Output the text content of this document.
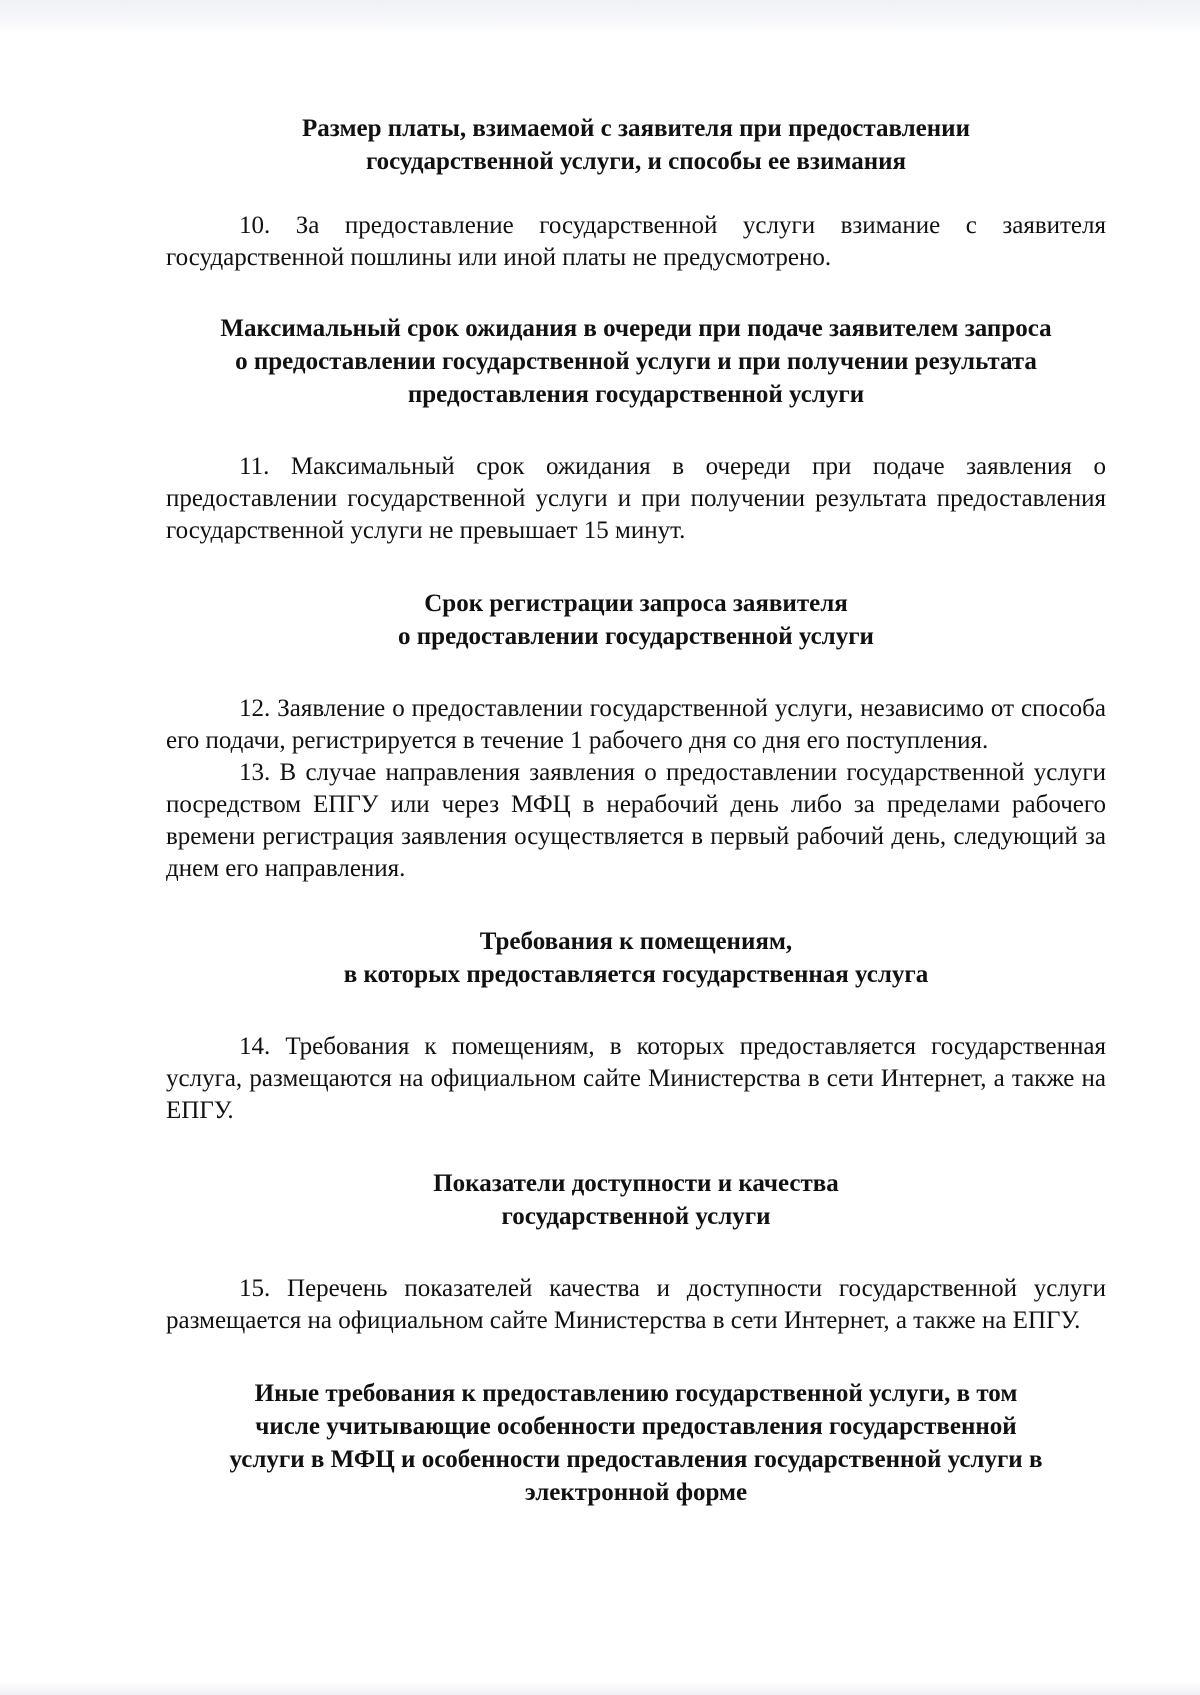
Размер платы, взимаемой с заявителя при предоставлении
государственной услуги, и способы ее взимания

10. За предоставление государственной услуги взимание с заявителя государственной пошлины или иной платы не предусмотрено.

Максимальный срок ожидания в очереди при подаче заявителем запроса
о предоставлении государственной услуги и при получении результата
предоставления государственной услуги

11. Максимальный срок ожидания в очереди при подаче заявления о предоставлении государственной услуги и при получении результата предоставления государственной услуги не превышает 15 минут.

Срок регистрации запроса заявителя
о предоставлении государственной услуги

12. Заявление о предоставлении государственной услуги, независимо от способа его подачи, регистрируется в течение 1 рабочего дня со дня его поступления.

13. В случае направления заявления о предоставлении государственной услуги посредством ЕПГУ или через МФЦ в нерабочий день либо за пределами рабочего времени регистрация заявления осуществляется в первый рабочий день, следующий за днем его направления.

Требования к помещениям,
в которых предоставляется государственная услуга

14. Требования к помещениям, в которых предоставляется государственная услуга, размещаются на официальном сайте Министерства в сети Интернет, а также на ЕПГУ.

Показатели доступности и качества
государственной услуги

15. Перечень показателей качества и доступности государственной услуги размещается на официальном сайте Министерства в сети Интернет, а также на ЕПГУ.

Иные требования к предоставлению государственной услуги, в том
числе учитывающие особенности предоставления государственной
услуги в МФЦ и особенности предоставления государственной услуги в
электронной форме
